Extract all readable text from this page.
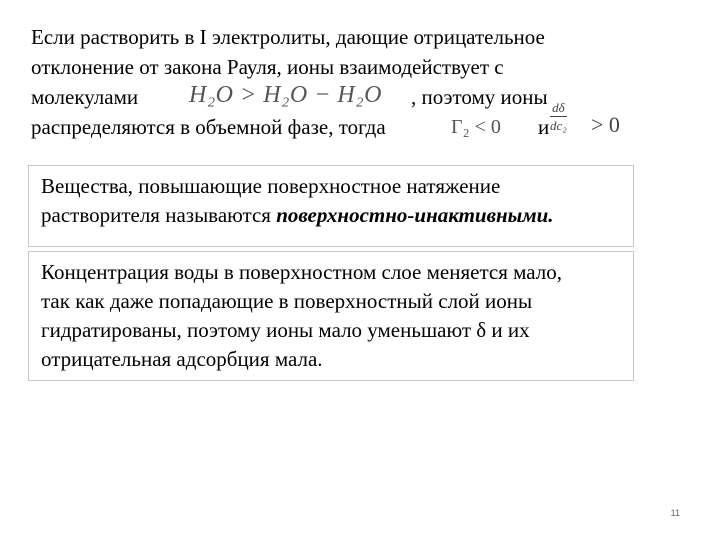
Если растворить в I электролиты, дающие отрицательное
отклонение от закона Рауля, ионы взаимодействует с
молекулами H₂O > H₂O − H₂O , поэтому ионы
распределяются в объемной фазе, тогда	Γ₂ < 0 и $\frac{d\delta}{\text{dc₂}} > 0$
Вещества, повышающие поверхностное натяжение
растворителя называются поверхностно-инактивными.
Концентрация воды в поверхностном слое меняется мало,
так как даже попадающие в поверхностный слой ионы
гидратированы, поэтому ионы мало уменьшают δ и их
отрицательная адсорбция мала.
11
